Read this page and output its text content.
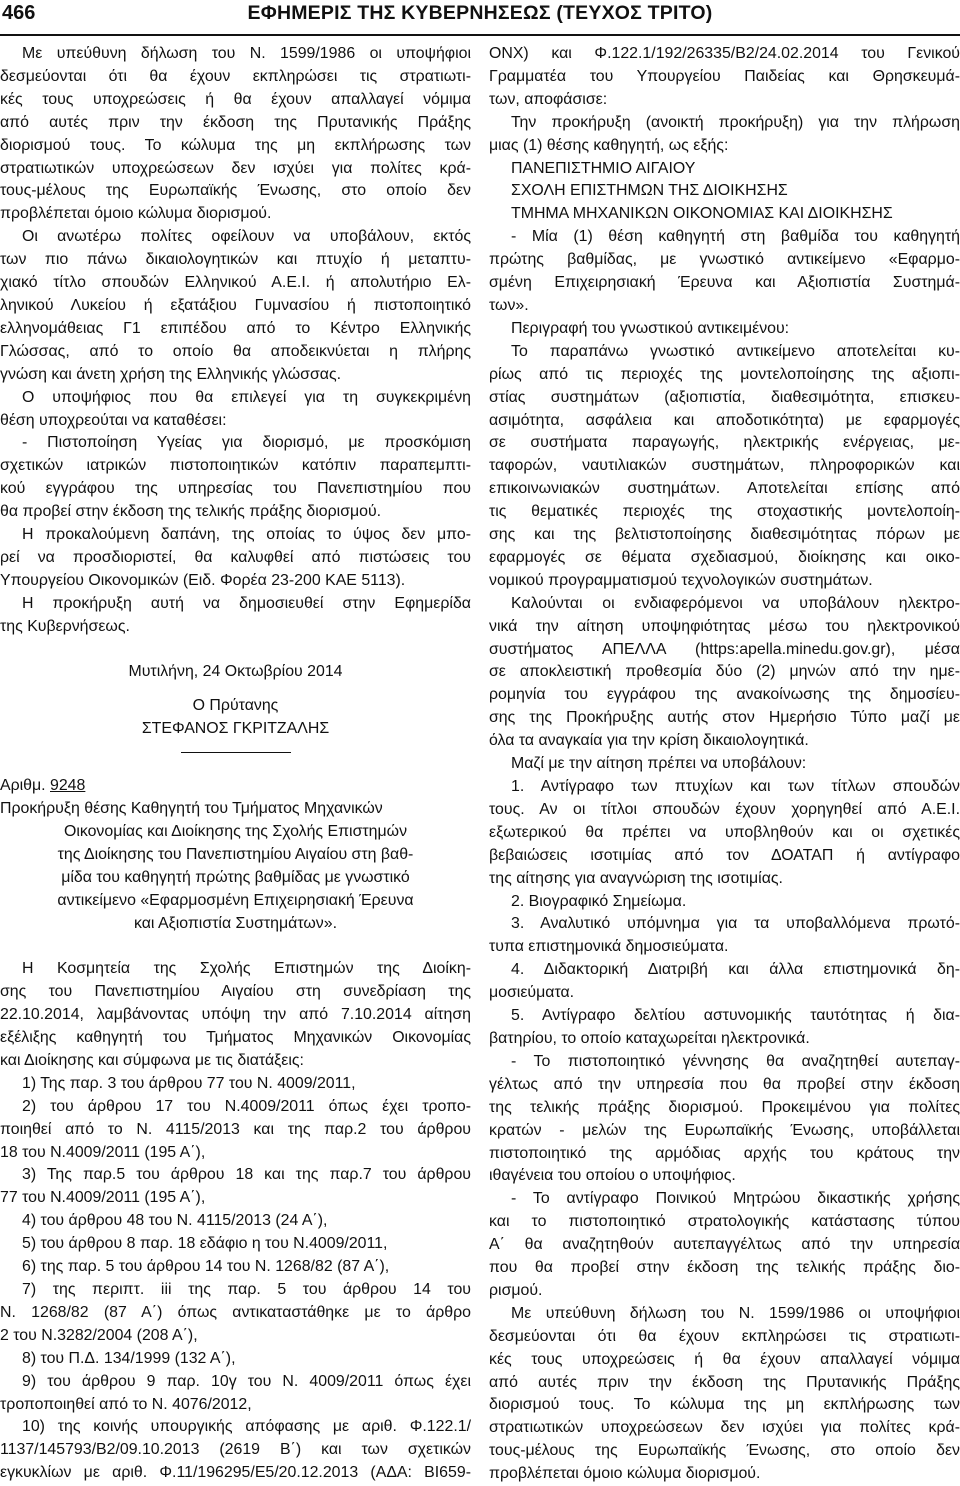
466	ΕΦΗΜΕΡΙΣ ΤΗΣ ΚΥΒΕΡΝΗΣΕΩΣ (ΤΕΥΧΟΣ ΤΡΙΤΟ)

Με υπεύθυνη δήλωση του Ν. 1599/1986 οι υποψήφιοι

δεσμεύονται ότι θα έχουν εκπληρώσει τις στρατιωτι-

κές τους υποχρεώσεις ή θα έχουν απαλλαγεί νόμιμα

από αυτές πριν την έκδοση της Πρυτανικής Πράξης

διορισμού τους. Το κώλυμα της μη εκπλήρωσης των

στρατιωτικών υποχρεώσεων δεν ισχύει για πολίτες κρά-

τους-μέλους της Ευρωπαϊκής Ένωσης, στο οποίο δεν

προβλέπεται όμοιο κώλυμα διορισμού.

Οι ανωτέρω πολίτες οφείλουν να υποβάλουν, εκτός

των πιο πάνω δικαιολογητικών και πτυχίο ή μεταπτυ-

χιακό τίτλο σπουδών Ελληνικού Α.Ε.Ι. ή απολυτήριο Ελ-

ληνικού Λυκείου ή εξατάξιου Γυμνασίου ή πιστοποιητικό

ελληνομάθειας Γ1 επιπέδου από το Κέντρο Ελληνικής

Γλώσσας, από το οποίο θα αποδεικνύεται η πλήρης

γνώση και άνετη χρήση της Ελληνικής γλώσσας.

Ο υποψήφιος που θα επιλεγεί για τη συγκεκριμένη

θέση υποχρεούται να καταθέσει:

- Πιστοποίηση Υγείας για διορισμό, με προσκόμιση

σχετικών ιατρικών πιστοποιητικών κατόπιν παραπεμπτι-

κού εγγράφου της υπηρεσίας του Πανεπιστημίου που

θα προβεί στην έκδοση της τελικής πράξης διορισμού.

Η προκαλούμενη δαπάνη, της οποίας το ύψος δεν μπο-

ρεί να προσδιοριστεί, θα καλυφθεί από πιστώσεις του

Υπουργείου Οικονομικών (Ειδ. Φορέα 23-200 ΚΑΕ 5113).

Η προκήρυξη αυτή να δημοσιευθεί στην Εφημερίδα

της Κυβερνήσεως.

Μυτιλήνη, 24 Οκτωβρίου 2014

Ο Πρύτανης

ΣΤΕΦΑΝΟΣ ΓΚΡΙΤΖΑΛΗΣ

Αριθμ. 9248

Προκήρυξη θέσης Καθηγητή του Τμήματος Μηχανικών

Οικονομίας και Διοίκησης της Σχολής Επιστημών

της Διοίκησης του Πανεπιστημίου Αιγαίου στη βαθ-

μίδα του καθηγητή πρώτης βαθμίδας με γνωστικό

αντικείμενο «Εφαρμοσμένη Επιχειρησιακή Έρευνα

και Αξιοπιστία Συστημάτων».

Η Κοσμητεία της Σχολής Επιστημών της Διοίκη-

σης του Πανεπιστημίου Αιγαίου στη συνεδρίαση της

22.10.2014, λαμβάνοντας υπόψη την από 7.10.2014 αίτηση

εξέλιξης καθηγητή του Τμήματος Μηχανικών Οικονομίας

και Διοίκησης και σύμφωνα με τις διατάξεις:

1) Της παρ. 3 του άρθρου 77 του Ν. 4009/2011,

2) του άρθρου 17 του Ν.4009/2011 όπως έχει τροπο-

ποιηθεί από το Ν. 4115/2013 και της παρ.2 του άρθρου

18 του Ν.4009/2011 (195 Α΄),

3) Της παρ.5 του άρθρου 18 και της παρ.7 του άρθρου

77 του Ν.4009/2011 (195 Α΄),

4) του άρθρου 48 του Ν. 4115/2013 (24 Α΄),

5) του άρθρου 8 παρ. 18 εδάφιο η του Ν.4009/2011,

6) της παρ. 5 του άρθρου 14 του Ν. 1268/82 (87 Α΄),

7) της περιπτ. iii της παρ. 5 του άρθρου 14 του

Ν. 1268/82 (87 Α΄) όπως αντικαταστάθηκε με το άρθρο

2 του Ν.3282/2004 (208 Α΄),

8) του Π.Δ. 134/1999 (132 Α΄),

9) του άρθρου 9 παρ. 10γ του Ν. 4009/2011 όπως έχει

τροποποιηθεί από το Ν. 4076/2012,

10) της κοινής υπουργικής απόφασης με αριθ. Φ.122.1/

1137/145793/Β2/09.10.2013 (2619 Β΄) και των σχετικών

εγκυκλίων με αριθ. Φ.11/196295/Ε5/20.12.2013 (ΑΔΑ: ΒΙ659-

ΟΝΧ) και Φ.122.1/192/26335/Β2/24.02.2014 του Γενικού

Γραμματέα του Υπουργείου Παιδείας και Θρησκευμά-

των, αποφάσισε:

Την προκήρυξη (ανοικτή προκήρυξη) για την πλήρωση

μιας (1) θέσης καθηγητή, ως εξής:

ΠΑΝΕΠΙΣΤΗΜΙΟ ΑΙΓΑΙΟΥ

ΣΧΟΛΗ ΕΠΙΣΤΗΜΩΝ ΤΗΣ ΔΙΟΙΚΗΣΗΣ

ΤΜΗΜΑ ΜΗΧΑΝΙΚΩΝ ΟΙΚΟΝΟΜΙΑΣ ΚΑΙ ΔΙΟΙΚΗΣΗΣ

- Μία (1) θέση καθηγητή στη βαθμίδα του καθηγητή

πρώτης βαθμίδας, με γνωστικό αντικείμενο «Εφαρμο-

σμένη Επιχειρησιακή Έρευνα και Αξιοπιστία Συστημά-

των».

Περιγραφή του γνωστικού αντικειμένου:

Το παραπάνω γνωστικό αντικείμενο αποτελείται κυ-

ρίως από τις περιοχές της μοντελοποίησης της αξιοπι-

στίας συστημάτων (αξιοπιστία, διαθεσιμότητα, επισκευ-

ασιμότητα, ασφάλεια και αποδοτικότητα) με εφαρμογές

σε συστήματα παραγωγής, ηλεκτρικής ενέργειας, με-

ταφορών, ναυτιλιακών συστημάτων, πληροφορικών και

επικοινωνιακών συστημάτων. Αποτελείται επίσης από

τις θεματικές περιοχές της στοχαστικής μοντελοποίη-

σης και της βελτιστοποίησης διαθεσιμότητας πόρων με

εφαρμογές σε θέματα σχεδιασμού, διοίκησης και οικο-

νομικού προγραμματισμού τεχνολογικών συστημάτων.

Καλούνται οι ενδιαφερόμενοι να υποβάλουν ηλεκτρο-

νικά την αίτηση υποψηφιότητας μέσω του ηλεκτρονικού

συστήματος ΑΠΕΛΛΑ (https:apella.minedu.gov.gr), μέσα

σε αποκλειστική προθεσμία δύο (2) μηνών από την ημε-

ρομηνία του εγγράφου της ανακοίνωσης της δημοσίευ-

σης της Προκήρυξης αυτής στον Ημερήσιο Τύπο μαζί με

όλα τα αναγκαία για την κρίση δικαιολογητικά.

Μαζί με την αίτηση πρέπει να υποβάλουν:

1. Αντίγραφο των πτυχίων και των τίτλων σπουδών

τους. Αν οι τίτλοι σπουδών έχουν χορηγηθεί από Α.Ε.Ι.

εξωτερικού θα πρέπει να υποβληθούν και οι σχετικές

βεβαιώσεις ισοτιμίας από τον ΔΟΑΤΑΠ ή αντίγραφο

της αίτησης για αναγνώριση της ισοτιμίας.

2. Βιογραφικό Σημείωμα.

3. Αναλυτικό υπόμνημα για τα υποβαλλόμενα πρωτό-

τυπα επιστημονικά δημοσιεύματα.

4. Διδακτορική Διατριβή και άλλα επιστημονικά δη-

μοσιεύματα.

5. Αντίγραφο δελτίου αστυνομικής ταυτότητας ή δια-

βατηρίου, το οποίο καταχωρείται ηλεκτρονικά.

- Το πιστοποιητικό γέννησης θα αναζητηθεί αυτεπαγ-

γέλτως από την υπηρεσία που θα προβεί στην έκδοση

της τελικής πράξης διορισμού. Προκειμένου για πολίτες

κρατών - μελών της Ευρωπαϊκής Ένωσης, υποβάλλεται

πιστοποιητικό της αρμόδιας αρχής του κράτους την

ιθαγένεια του οποίου ο υποψήφιος.

- Το αντίγραφο Ποινικού Μητρώου δικαστικής χρήσης

και το πιστοποιητικό στρατολογικής κατάστασης τύπου

Α΄ θα αναζητηθούν αυτεπαγγέλτως από την υπηρεσία

που θα προβεί στην έκδοση της τελικής πράξης διο-

ρισμού.

Με υπεύθυνη δήλωση του Ν. 1599/1986 οι υποψήφιοι

δεσμεύονται ότι θα έχουν εκπληρώσει τις στρατιωτι-

κές τους υποχρεώσεις ή θα έχουν απαλλαγεί νόμιμα

από αυτές πριν την έκδοση της Πρυτανικής Πράξης

διορισμού τους. Το κώλυμα της μη εκπλήρωσης των

στρατιωτικών υποχρεώσεων δεν ισχύει για πολίτες κρά-

τους-μέλους της Ευρωπαϊκής Ένωσης, στο οποίο δεν

προβλέπεται όμοιο κώλυμα διορισμού.
